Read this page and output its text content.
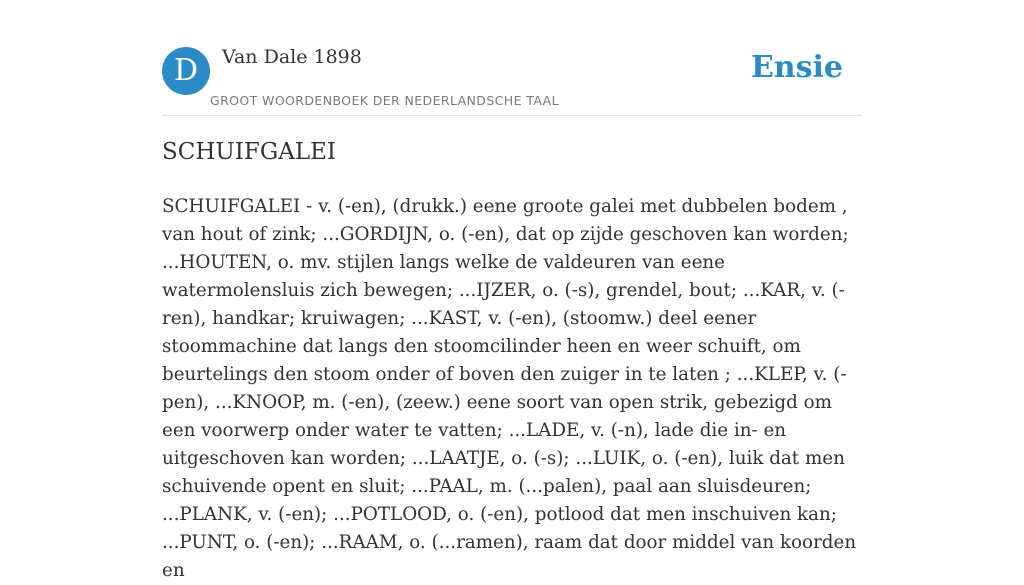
D	Van Dale 1898
GROOT WOORDENBOEK DER NEDERLANDSCHE TAAL
Ensie
SCHUIFGALEI

SCHUIFGALEI - v. (-en), (drukk.) eene groote galei met dubbelen bodem , van hout of zink; ...GORDIJN, o. (-en), dat op zijde geschoven kan worden; ...HOUTEN, o. mv. stijlen langs welke de valdeuren van eene watermolensluis zich bewegen; ...IJZER, o. (-s), grendel, bout; ...KAR, v. (-ren), handkar; kruiwagen; ...KAST, v. (-en), (stoomw.) deel eener stoommachine dat langs den stoomcilinder heen en weer schuift, om beurtelings den stoom onder of boven den zuiger in te laten ; ...KLEP, v. (-pen), ...KNOOP, m. (-en), (zeew.) eene soort van open strik, gebezigd om een voorwerp onder water te vatten; ...LADE, v. (-n), lade die in- en uitgeschoven kan worden; ...LAATJE, o. (-s); ...LUIK, o. (-en), luik dat men schuivende opent en sluit; ...PAAL, m. (...palen), paal aan sluisdeuren; ...PLANK, v. (-en); ...POTLOOD, o. (-en), potlood dat men inschuiven kan; ...PUNT, o. (-en); ...RAAM, o. (...ramen), raam dat door middel van koorden en
